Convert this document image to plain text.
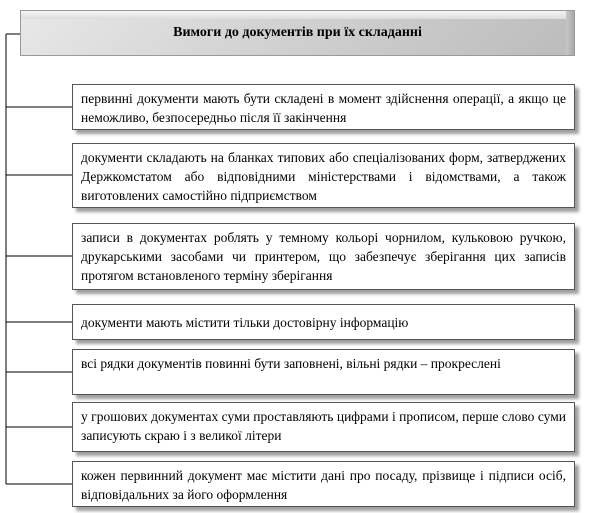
Вимоги до документів при їх складанні
первинні документи мають бути складені в момент здійснення операції, а якщо це неможливо, безпосередньо після її закінчення
документи складають на бланках типових або спеціалізованих форм, затверджених Держкомстатом або відповідними міністерствами і відомствами, а також виготовлених самостійно підприємством
записи в документах роблять у темному кольорі чорнилом, кульковою ручкою, друкарськими засобами чи принтером, що забезпечує зберігання цих записів протягом встановленого терміну зберігання
документи мають містити тільки достовірну інформацію
всі рядки документів повинні бути заповнені, вільні рядки – прокреслені
у грошових документах суми проставляють цифрами і прописом, перше слово суми записують скраю і з великої літери
кожен первинний документ має містити дані про посаду, прізвище і підписи осіб, відповідальних за його оформлення
